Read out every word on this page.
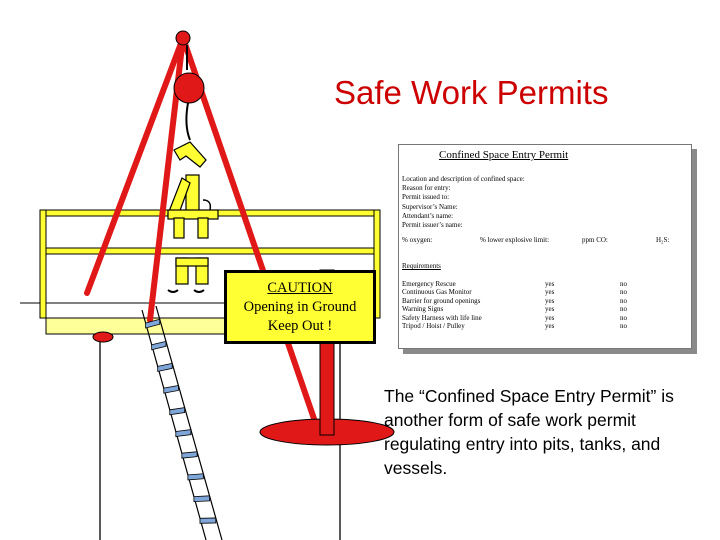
Safe Work Permits
Confined Space Entry Permit
Location and description of confined space:
Reason for entry:
Permit issued to:
Supervisor’s Name:
Attendant’s name:
Permit issuer’s name:
% oxygen:	% lower explosive limit:	ppm CO:	H₂S:
Requirements
Emergency Rescue	yes	no
Continuous Gas Monitor	yes	no
Barrier for ground openings	yes	no
Warning Signs	yes	no
Safety Harness with life line	yes	no
Tripod / Hoist / Pulley	yes	no
CAUTION
Opening in Ground
Keep Out !
The “Confined Space Entry Permit” is another form of safe work permit regulating entry into pits, tanks, and vessels.
